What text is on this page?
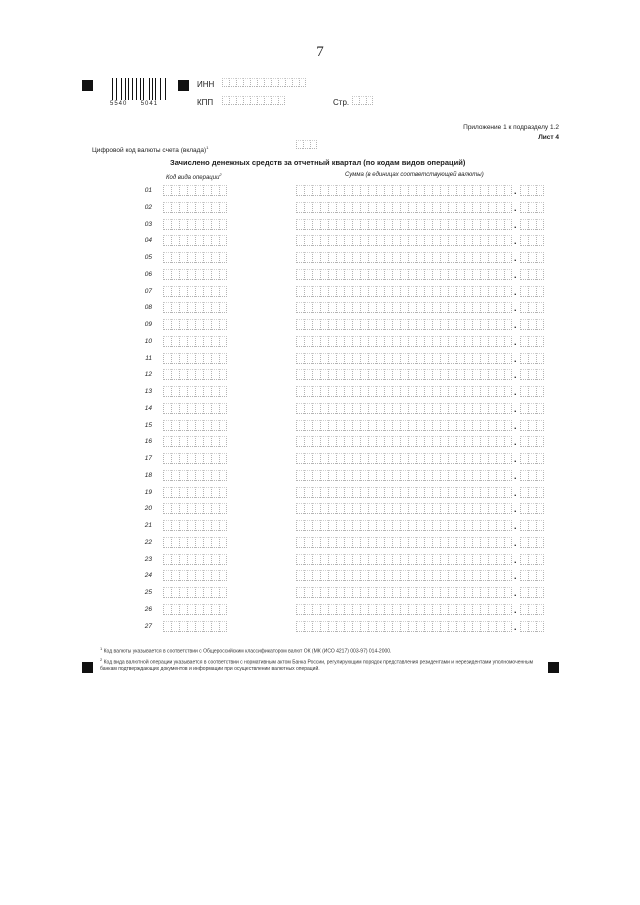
7
5540 5041
ИНН
КПП	Стр.
Приложение 1 к подразделу 1.2
Лист 4
Цифровой код валюты счета (вклада)$^1$
Зачислено денежных средств за отчетный квартал (по кодам видов операций)
Код вида операции$^2$	Сумма (в единицах соответствующей валюты)
01	.
02	.
03	.
04	.
05	.
06	.
07	.
08	.
09	.
10	.
11	.
12	.
13	.
14	.
15	.
16	.
17	.
18	.
19	.
20	.
21	.
22	.
23	.
24	.
25	.
26	.
27	.
$^1$ Код валюты указывается в соответствии с Общероссийским классификатором валют ОК (МК (ИСО 4217) 003-97) 014-2000.
$^2$ Код вида валютной операции указывается в соответствии с нормативным актом Банка России, регулирующим порядок представления резидентами и нерезидентами уполномоченным банкам подтверждающих документов и информации при осуществлении валютных операций.
